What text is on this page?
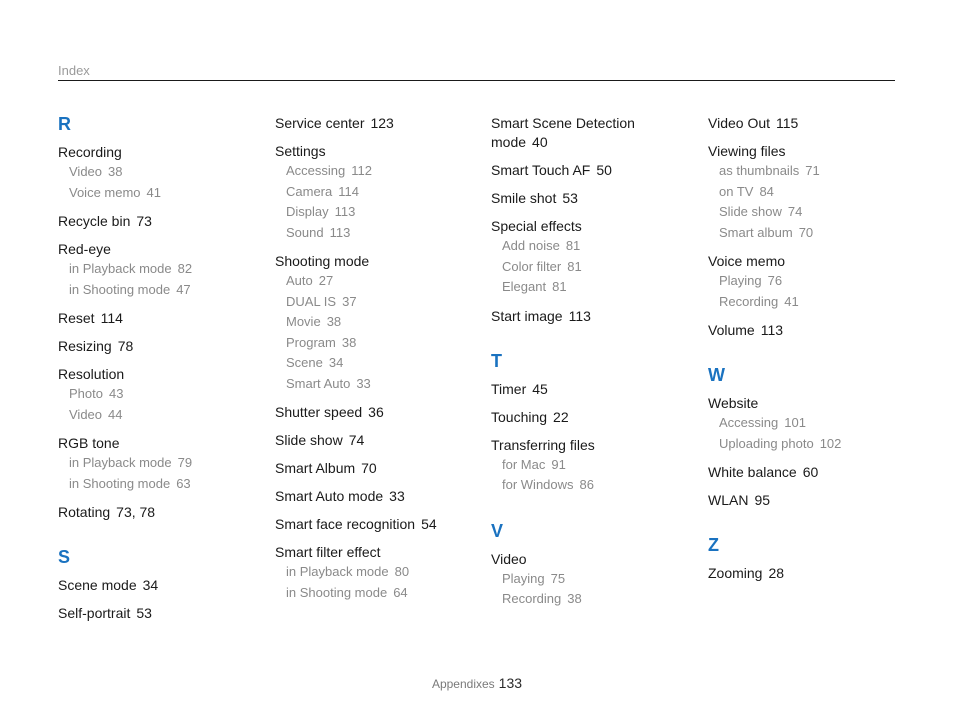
Index
R
Recording
Video 38
Voice memo 41
Recycle bin 73
Red-eye
in Playback mode 82
in Shooting mode 47
Reset 114
Resizing 78
Resolution
Photo 43
Video 44
RGB tone
in Playback mode 79
in Shooting mode 63
Rotating 73, 78
S
Scene mode 34
Self-portrait 53
Service center 123
Settings
Accessing 112
Camera 114
Display 113
Sound 113
Shooting mode
Auto 27
DUAL IS 37
Movie 38
Program 38
Scene 34
Smart Auto 33
Shutter speed 36
Slide show 74
Smart Album 70
Smart Auto mode 33
Smart face recognition 54
Smart filter effect
in Playback mode 80
in Shooting mode 64
Smart Scene Detection mode 40
Smart Touch AF 50
Smile shot 53
Special effects
Add noise 81
Color filter 81
Elegant 81
Start image 113
T
Timer 45
Touching 22
Transferring files
for Mac 91
for Windows 86
V
Video
Playing 75
Recording 38
Video Out 115
Viewing files
as thumbnails 71
on TV 84
Slide show 74
Smart album 70
Voice memo
Playing 76
Recording 41
Volume 113
W
Website
Accessing 101
Uploading photo 102
White balance 60
WLAN 95
Z
Zooming 28
Appendixes 133
